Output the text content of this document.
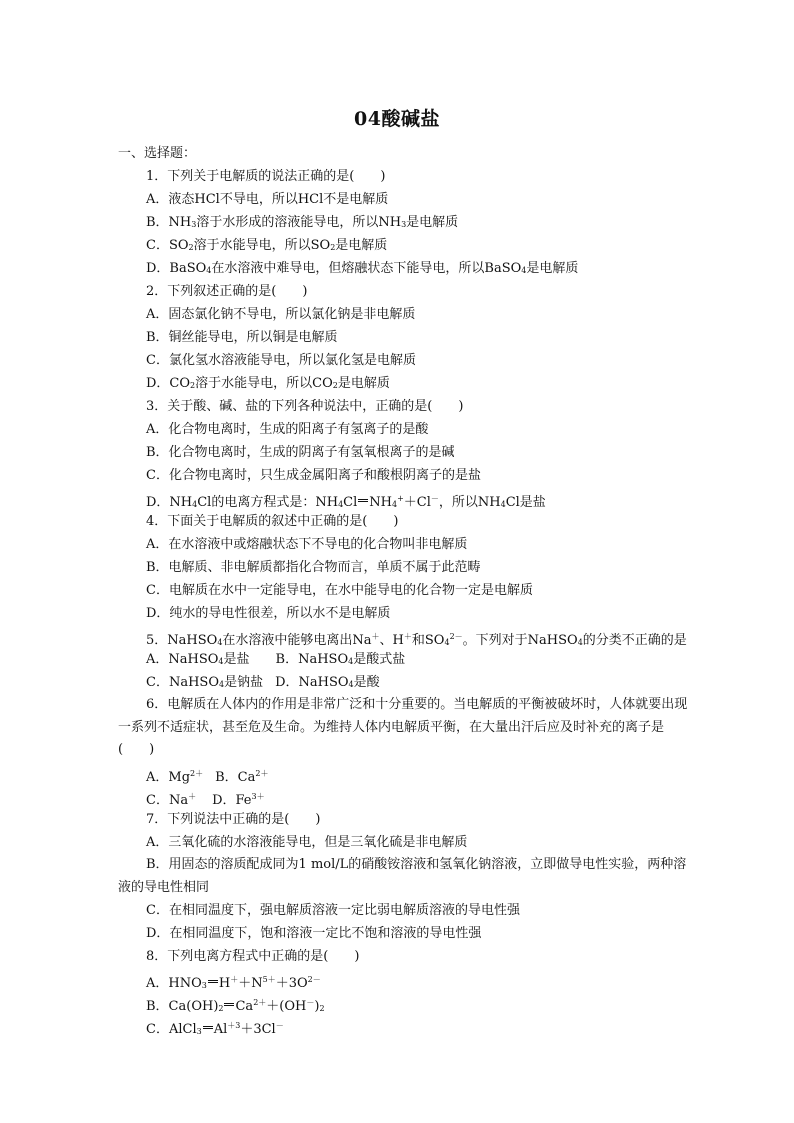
04酸碱盐
一、选择题：
1．下列关于电解质的说法正确的是(　　)
A．液态HCl不导电，所以HCl不是电解质
B．$NH_3$溶于水形成的溶液能导电，所以$NH_3$是电解质
C．$SO_2$溶于水能导电，所以$SO_2$是电解质
D．BaSO$_4$在水溶液中难导电，但熔融状态下能导电，所以BaSO$_4$是电解质
2．下列叙述正确的是(　　)
A．固态氯化钠不导电，所以氯化钠是非电解质
B．铜丝能导电，所以铜是电解质
C．氯化氢水溶液能导电，所以氯化氢是电解质
D．$CO_2$溶于水能导电，所以$CO_2$是电解质
3．关于酸、碱、盐的下列各种说法中，正确的是(　　)
A．化合物电离时，生成的阳离子有氢离子的是酸
B．化合物电离时，生成的阴离子有氢氧根离子的是碱
C．化合物电离时，只生成金属阳离子和酸根阴离子的是盐
D．$NH_4Cl$的电离方程式是：$NH_4Cl$ $NH_4^++Cl^-$，所以$NH_4Cl$是盐
4．下面关于电解质的叙述中正确的是(　　)
A．在水溶液中或熔融状态下不导电的化合物叫非电解质
B．电解质、非电解质都指化合物而言，单质不属于此范畴
C．电解质在水中一定能导电，在水中能导电的化合物一定是电解质
D．纯水的导电性很差，所以水不是电解质
5．NaHSO$_4$在水溶液中能够电离出Na＋、H＋和$SO_4^{2-}$。下列对于NaHSO$_4$的分类不正确的是
A．NaHSO$_4$是盐 B．NaHSO$_4$是酸式盐
C．NaHSO$_4$是钠盐 D．NaHSO$_4$是酸
6．电解质在人体内的作用是非常广泛和十分重要的。当电解质的平衡被破坏时，人体就要出现一系列不适症状，甚至危及生命。为维持人体内电解质平衡，在大量出汗后应及时补充的离子是(　　)
A．$Mg^{2+}$ B．$Ca^{2+}$
C．Na＋ D．$Fe^{3+}$
7．下列说法中正确的是(　　)
A．三氧化硫的水溶液能导电，但是三氧化硫是非电解质
B．用固态的溶质配成同为1 mol/L的硝酸铵溶液和氢氧化钠溶液，立即做导电性实验，两种溶液的导电性相同
C．在相同温度下，强电解质溶液一定比弱电解质溶液的导电性强
D．在相同温度下，饱和溶液一定比不饱和溶液的导电性强
8．下列电离方程式中正确的是(　　)
A．$HNO_3$ $H^++N^{5+}+3O^{2-}$
B．$Ca(OH)_2$ $Ca^{2+}+(OH^-)_2$
C．AlCl$_3$ $Al^{+3}+3Cl^-$
